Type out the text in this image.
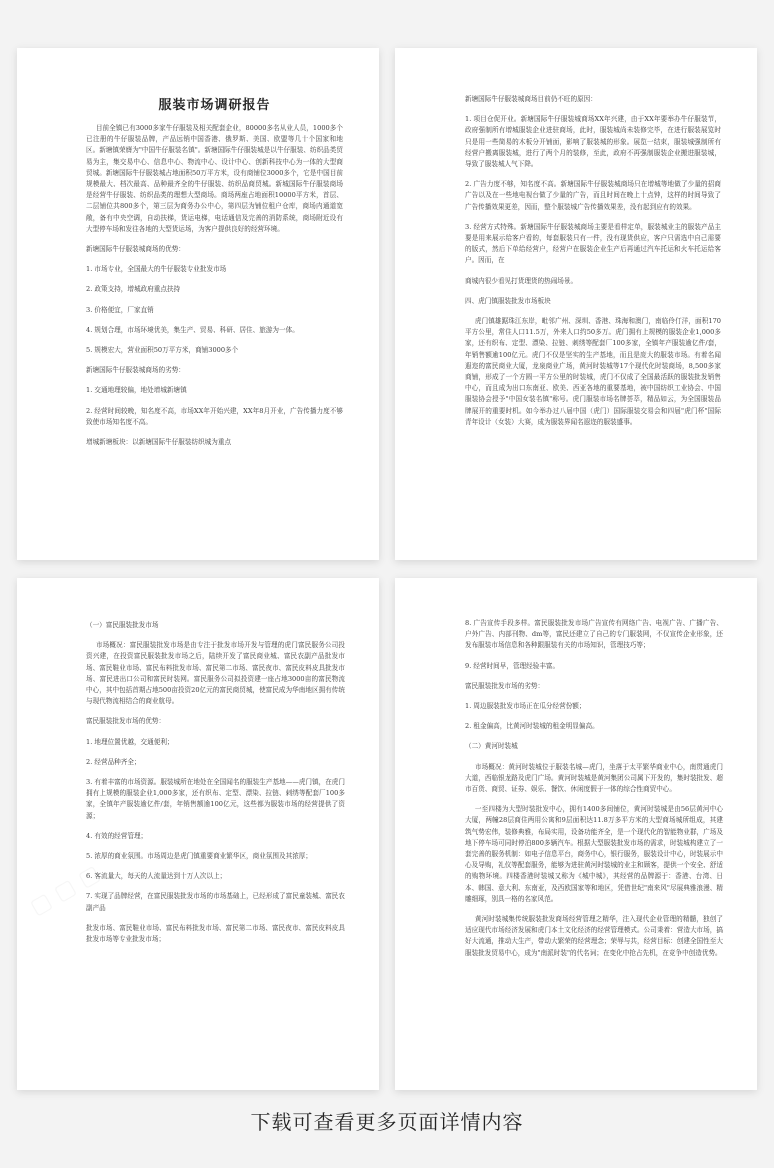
服装市场调研报告
目前全镇已有3000多家牛仔服装及相关配套企业，80000多名从业人员，1000多个已注册的牛仔服装品牌，产品远销中国香港、俄罗斯、美国、欧盟等几十个国家和地区。新塘镇荣膺为"中国牛仔服装名镇"。新塘国际牛仔服装城是以牛仔服装、纺织品类贸易为主，集交易中心、信息中心、物流中心、设计中心、创新科技中心为一体的大型商贸城。新塘国际牛仔服装城占地面积50万平方米，设有商铺位3000多个，它是中国目前规模最大、档次最高、品种最齐全的牛仔服装、纺织品商贸城。新城国际牛仔服装商场是经营牛仔服装、纺织品类的理想大型商场。商场两座占地面积10000平方米，首层、二层铺位共800多个，第三层为商务办公中心，第四层为铺位租户仓库，商场内通道宽敞，备有中央空调，自动扶梯，货运电梯，电话通信及完善的消防系统，商场附近设有大型停车场和发往各地的大型货运场，为客户提供良好的经营环境。
新塘国际牛仔服装城商场的优势：
1. 市场专业，全国最大的牛仔服装专业批发市场
2. 政策支持，增城政府重点扶持
3. 价格便宜，厂家直销
4. 规划合理，市场环境优美，集生产、贸易、科研、居住、旅游为一体。
5. 规模宏大，营业面积50万平方米，商铺3000多个
新塘国际牛仔服装城商场的劣势：
1. 交通地理较偏，地处增城新塘镇
2. 经营时间较晚，知名度不高，市场XX年开始兴建，XX年8月开业，广告传播力度不够致使市场知名度不高。
增城新塘板块：以新塘国际牛仔服装纺织城为重点
新塘国际牛仔服装城商场目前仍不旺的原因：
1. 项目仓促开业。新塘国际牛仔服装城商场XX年兴建，由于XX年要举办牛仔服装节，政府强制所有增城服装企业进驻商场，此时，服装城尚未装修完毕，在进行服装展览时只是用一些简易的木板分开铺面，影响了服装城的形象。展览一结束，服装城强制所有经营户搬离服装城，进行了两个月的装修，至此，政府不再强制服装企业搬进服装城，导致了服装城人气下降。
2. 广告力度不够，知名度不高。新塘国际牛仔服装城商场只在增城等地做了少量的招商广告以及在一些地电视台做了少量的广告，而且时间在晚上十点钟，这样的时间导致了广告传播效果更差，因而，整个服装城广告传播效果差，没有起到应有的效果。
3. 经营方式特殊。新塘国际牛仔服装城商场主要是看样定单，服装城业主的服装产品主要是用来展示给客户看的，每套服装只有一件，没有现货供应，客户只需选中自己需要的版式，然后下单给经营户，经营户在服装企业生产后再通过汽车托运和火车托运给客户。因而，在
商城内很少看见打货理货的热闹场景。
四、虎门镇服装批发市场板块
虎门镇雄踞珠江东岸，毗邻广州、深圳、香港、珠海和澳门，南临伶仃洋，面积170平方公里，常住人口11.5万，外来人口约50多万。虎门拥有上规模的服装企业1,000多家，还有织布、定型、漂染、拉链、刺绣等配套厂100多家，全镇年产服装逾亿件/套，年销售额逾100亿元。虎门不仅是坚实的生产基地，而且是庞大的服装市场。有着名闻遐迩的富民商业大厦，龙泉商业广场，黄河时装城等17个现代化时装商场，8,500多家商铺，形成了一个方圆一平方公里的时装城，虎门不仅成了全国最活跃的服装批发销售中心，而且成为出口东南亚、欧美、西亚各地的重要基地，被中国纺织工业协会、中国服装协会授予"中国女装名镇"称号。虎门服装市场名牌荟萃，精品如云，为全国服装品牌展开的重要时机。如今举办过八届中国（虎门）国际服装交易会和四届"虎门杯"国际青年设计（女装）大赛，成为服装界闻名遐迩的服装盛事。
（一）富民服装批发市场
市场概况：富民服装批发市场是由专注于批发市场开发与管理的虎门富民服务公司投资兴建，在投资富民服装批发市场之后，陆续开发了富民商业城、富民农副产品批发市场、富民鞋业市场、富民布料批发市场、富民第二市场、富民夜市、富民皮料皮具批发市场、富民进出口公司和富民时装网。富民服务公司拟投资建一座占地3000亩的富民物流中心，其中包括首期占地500亩投资20亿元的富民商贸城，使富民成为华南地区拥有传统与现代物流相结合的商业航母。
富民服装批发市场的优势：
1. 地理位置优越，交通便利；
2. 经营品种齐全；
3. 有着丰富的市场资源。服装城所在地处在全国闻名的服装生产基地——虎门镇，在虎门拥有上规模的服装企业1,000多家，还有织布、定型、漂染、拉链、刺绣等配套厂100多家，全镇年产服装逾亿件/套，年销售额逾100亿元，这些都为服装市场的经营提供了资源；
4. 有效的经营管理；
5. 浓厚的商业氛围。市场周边是虎门镇重要商业繁华区，商业氛围及其浓厚；
6. 客流量大，每天的人流量达到十万人次以上；
7. 实现了品牌经营，在富民服装批发市场的市场基础上，已经形成了富民童装城、富民农副产品
批发市场、富民鞋业市场、富民布料批发市场、富民第二市场、富民夜市、富民皮料皮具批发市场等专业批发市场；
8. 广告宣传手段多样。富民服装批发市场广告宣传有网络广告、电视广告、广播广告、户外广告、内部刊物、dm等，富民还建立了自己的专门服装网，不仅宣传企业形象，还发布服装市场信息和各种跟服装有关的市场知识，管理技巧等；
9. 经营时间早，管理经验丰富。
富民服装批发市场的劣势：
1. 周边服装批发市场正在瓜分经营份额；
2. 租金偏高，比黄河时装城的租金明显偏高。
（二）黄河时装城
市场概况：黄河时装城位于服装名城—虎门，坐落于太平繁华商业中心，南贯通虎门大道，西临银龙路及虎门广场。黄河时装城是黄河集团公司属下开发的，集时装批发、超市百货、商贸、证券、娱乐、餐饮、休闲度假于一体的综合性商贸中心。
一至四楼为大型时装批发中心，拥有1400多间铺位，黄河时装城是由56层黄河中心大厦，两幢28层商住两用公寓和9层面积达11.8万多平方米的大型商场城所组成，其建筑气势宏伟，装修典雅，布局实用，设备功能齐全，是一个现代化的智能物业群，广场及地下停车场可同时停泊800多辆汽车。根据大型服装批发市场的需求，时装城构建立了一套完善的服务机制：如电子信息平台，商务中心，银行服务，服装设计中心，时装展示中心及导购，礼仪等配套服务，能够为进驻黄河时装城的业主和顾客，提供一个安全、舒适的购物环境。四楼香港时装城又称为《城中城》，其经营的品牌源于：香港、台湾、日本、韩国、意大利、东南亚，及西欧国家等和地区，凭借世纪"南来风"尽展典雅浪漫、精雕细琢，别具一格的名家风范。
黄河时装城集传统服装批发商场经营管理之精华，注入现代企业管理的精髓，独创了适应现代市场经济发展和虎门本土文化经济的经营管理模式。公司秉着：营造大市场，搞好大流通，推动大生产，带动大繁荣的经营理念；荣辱与共，经营目标：创建全国性至大服装批发贸易中心，成为"南派时装"的代名词；在变化中抢占先机，在竞争中创造优势。
下载可查看更多页面详情内容
